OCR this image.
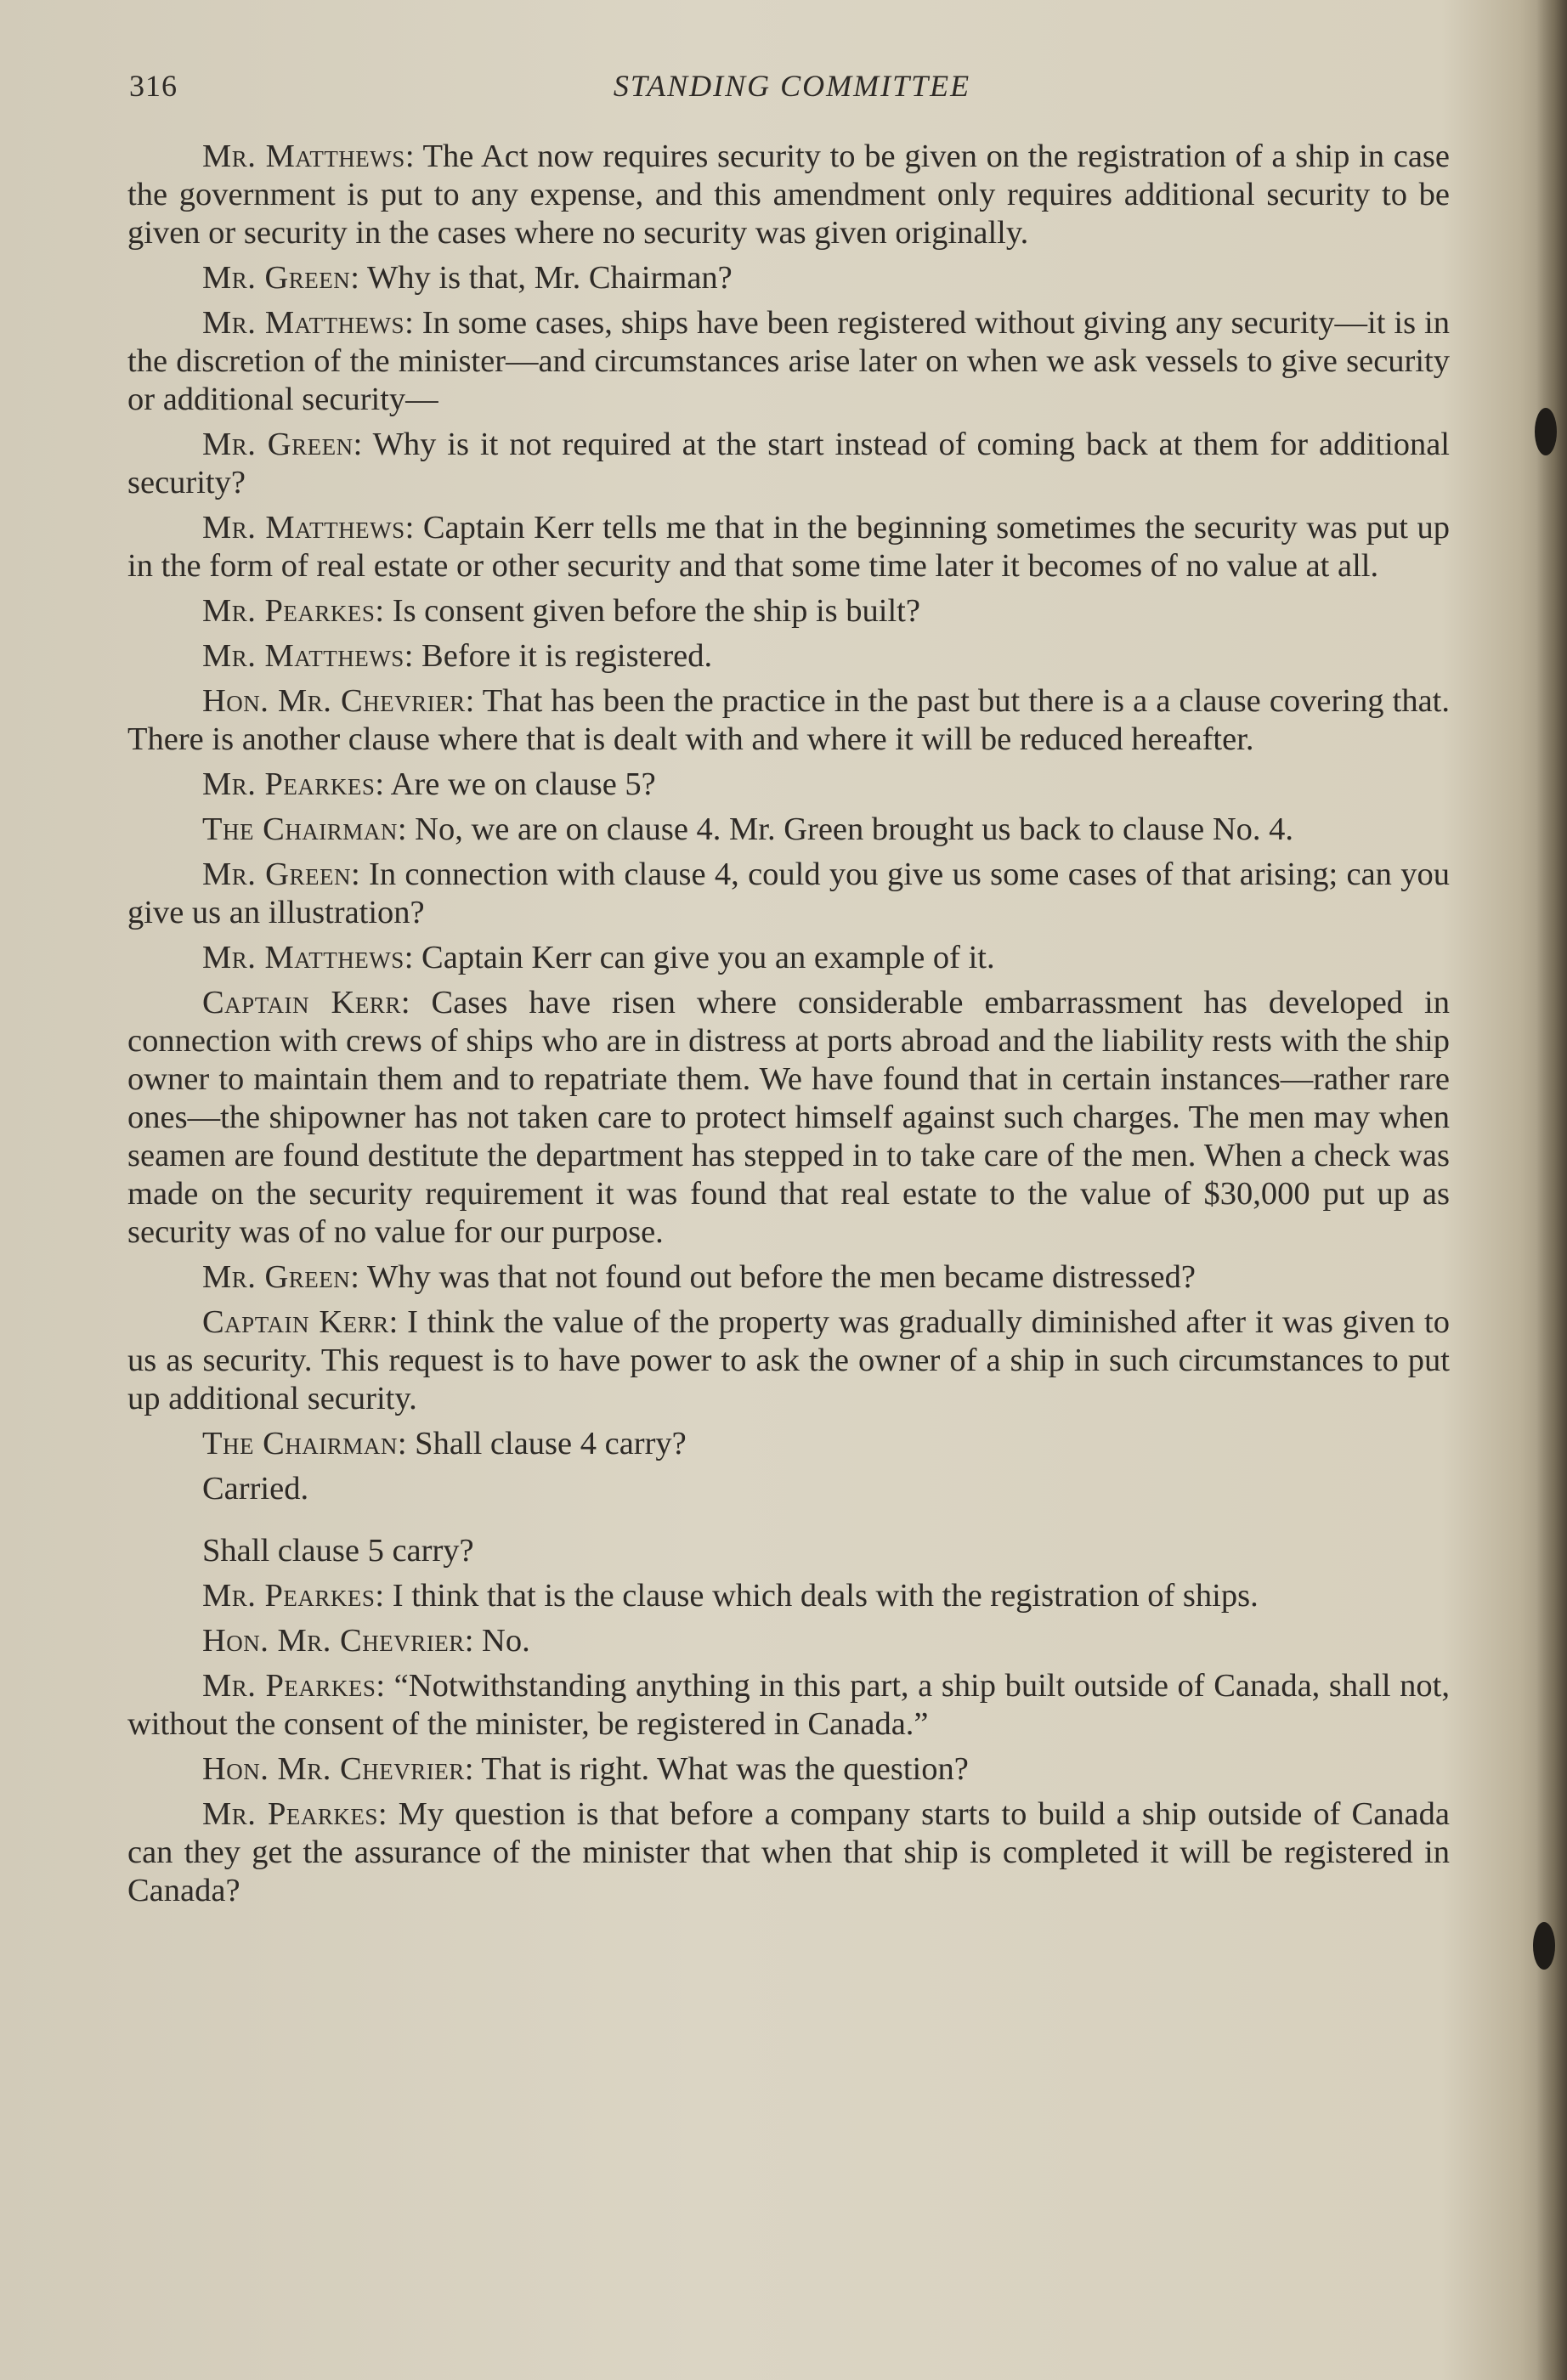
316	STANDING COMMITTEE

Mr. Matthews: The Act now requires security to be given on the registration of a ship in case the government is put to any expense, and this amendment only requires additional security to be given or security in the cases where no security was given originally.

Mr. Green: Why is that, Mr. Chairman?

Mr. Matthews: In some cases, ships have been registered without giving any security—it is in the discretion of the minister—and circumstances arise later on when we ask vessels to give security or additional security—

Mr. Green: Why is it not required at the start instead of coming back at them for additional security?

Mr. Matthews: Captain Kerr tells me that in the beginning sometimes the security was put up in the form of real estate or other security and that some time later it becomes of no value at all.

Mr. Pearkes: Is consent given before the ship is built?

Mr. Matthews: Before it is registered.

Hon. Mr. Chevrier: That has been the practice in the past but there is a a clause covering that. There is another clause where that is dealt with and where it will be reduced hereafter.

Mr. Pearkes: Are we on clause 5?

The Chairman: No, we are on clause 4. Mr. Green brought us back to clause No. 4.

Mr. Green: In connection with clause 4, could you give us some cases of that arising; can you give us an illustration?

Mr. Matthews: Captain Kerr can give you an example of it.

Captain Kerr: Cases have risen where considerable embarrassment has developed in connection with crews of ships who are in distress at ports abroad and the liability rests with the ship owner to maintain them and to repatriate them. We have found that in certain instances—rather rare ones—the shipowner has not taken care to protect himself against such charges. The men may when seamen are found destitute the department has stepped in to take care of the men. When a check was made on the security requirement it was found that real estate to the value of $30,000 put up as security was of no value for our purpose.

Mr. Green: Why was that not found out before the men became distressed?

Captain Kerr: I think the value of the property was gradually diminished after it was given to us as security. This request is to have power to ask the owner of a ship in such circumstances to put up additional security.

The Chairman: Shall clause 4 carry?

Carried.

Shall clause 5 carry?

Mr. Pearkes: I think that is the clause which deals with the registration of ships.

Hon. Mr. Chevrier: No.

Mr. Pearkes: “Notwithstanding anything in this part, a ship built outside of Canada, shall not, without the consent of the minister, be registered in Canada.”

Hon. Mr. Chevrier: That is right. What was the question?

Mr. Pearkes: My question is that before a company starts to build a ship outside of Canada can they get the assurance of the minister that when that ship is completed it will be registered in Canada?
